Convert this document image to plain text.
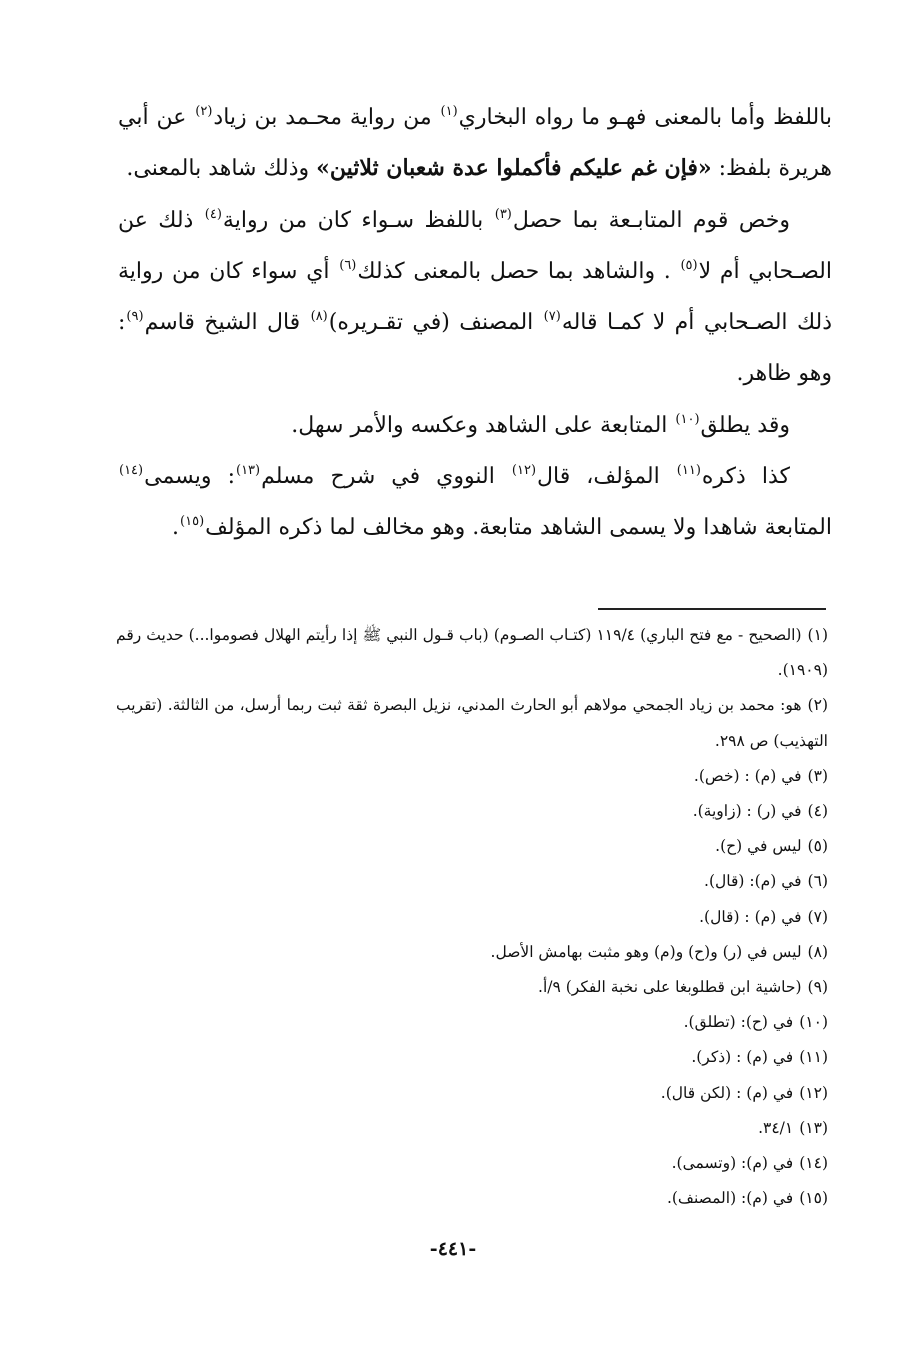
باللفظ وأما بالمعنى فهـو ما رواه البخاري$^{(١)}$ من رواية محـمد بن زياد$^{(٢)}$ عن أبي هريرة بلفظ: «فإن غم عليكم فأكملوا عدة شعبان ثلاثين» وذلك شاهد بالمعنى.

وخص قوم المتابـعة بما حصل$^{(٣)}$ باللفظ سـواء كان من رواية$^{(٤)}$ ذلك عن الصـحابي أم لا$^{(٥)}$ . والشاهد بما حصل بالمعنى كذلك$^{(٦)}$ أي سواء كان من رواية ذلك الصـحابي أم لا كمـا قاله$^{(٧)}$ المصنف (في تقـريره)$^{(٨)}$ قال الشيخ قاسم$^{(٩)}$: وهو ظاهر.

وقد يطلق$^{(١٠)}$ المتابعة على الشاهد وعكسه والأمر سهل.

كذا ذكره$^{(١١)}$ المؤلف، قال$^{(١٢)}$ النووي في شرح مسلم$^{(١٣)}$: ويسمى$^{(١٤)}$ المتابعة شاهدا ولا يسمى الشاهد متابعة. وهو مخالف لما ذكره المؤلف$^{(١٥)}$.

(١)(الصحيح - مع فتح الباري) ١١٩/٤ (كتـاب الصـوم) (باب قـول النبي ﷺ إذا رأيتم الهلال فصوموا...) حديث رقم (١٩٠٩).
(٢)هو: محمد بن زياد الجمحي مولاهم أبو الحارث المدني، نزيل البصرة ثقة ثبت ربما أرسل، من الثالثة. (تقريب التهذيب) ص ٢٩٨.
(٣)في (م) : (خص).
(٤)في (ر) : (زاوية).
(٥)ليس في (ح).
(٦)في (م): (قال).
(٧)في (م) : (قال).
(٨)ليس في (ر) و(ح) و(م) وهو مثبت بهامش الأصل.
(٩)(حاشية ابن قطلوبغا على نخبة الفكر) ٩/أ.
(١٠)في (ح): (تطلق).
(١١)في (م) : (ذكر).
(١٢)في (م) : (لكن قال).
(١٣)٣٤/١.
(١٤)في (م): (وتسمى).
(١٥)في (م): (المصنف).
-٤٤١-
